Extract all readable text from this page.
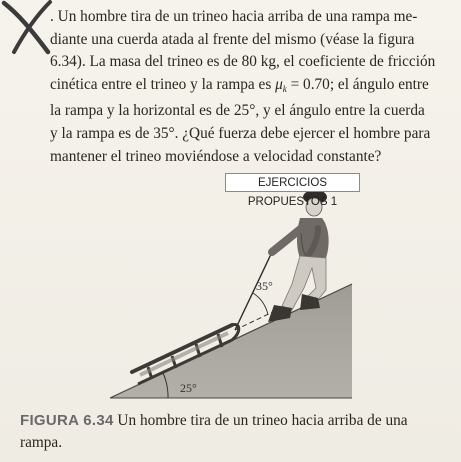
. Un hombre tira de un trineo hacia arriba de una rampa me-
diante una cuerda atada al frente del mismo (véase la figura
6.34). La masa del trineo es de 80 kg, el coeficiente de fricción
cinética entre el trineo y la rampa es μk = 0.70; el ángulo entre
la rampa y la horizontal es de 25°, y el ángulo entre la cuerda
y la rampa es de 35°. ¿Qué fuerza debe ejercer el hombre para
mantener el trineo moviéndose a velocidad constante?

25°
35°
EJERCICIOS PROPUESTOS 1

FIGURA 6.34 Un hombre tira de un trineo hacia arriba de una
rampa.
